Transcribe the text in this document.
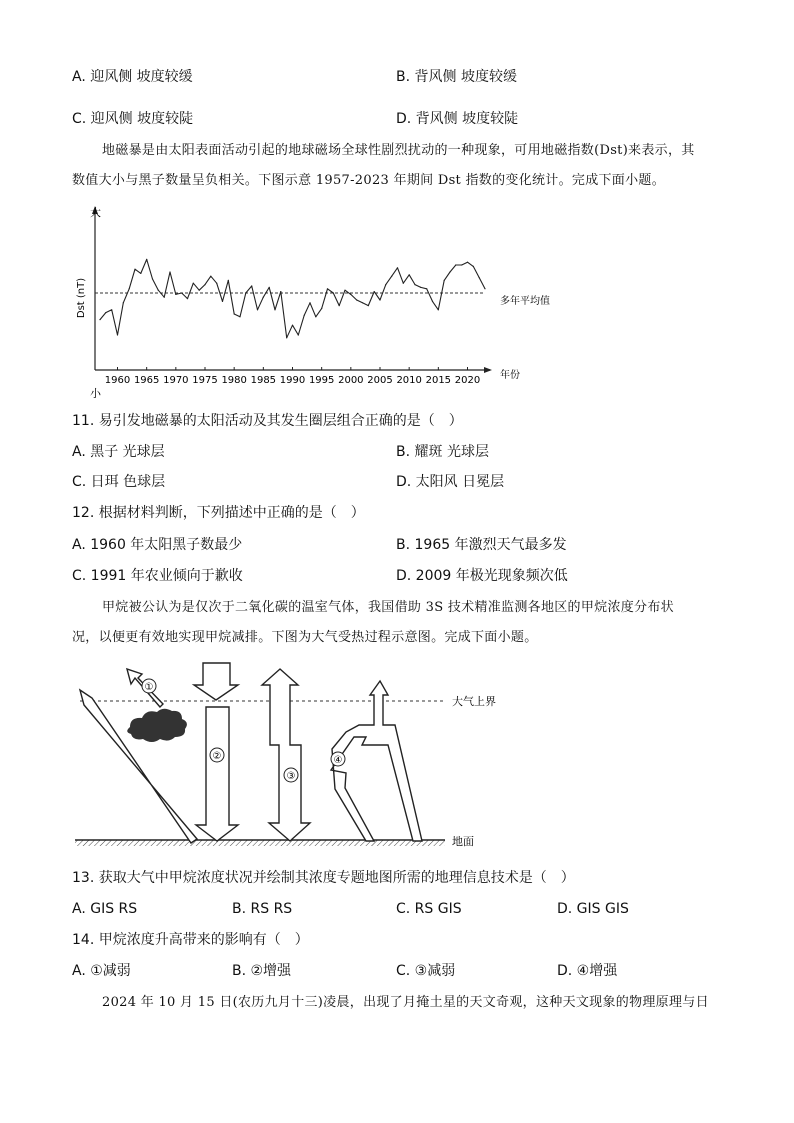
A. 迎风侧 坡度较缓	B. 背风侧 坡度较缓
C. 迎风侧 坡度较陡	D. 背风侧 坡度较陡
地磁暴是由太阳表面活动引起的地球磁场全球性剧烈扰动的一种现象，可用地磁指数(Dst)来表示，其
数值大小与黑子数量呈负相关。下图示意 1957-2023 年期间 Dst 指数的变化统计。完成下面小题。
1960 1965 1970 1975 1980 1985 1990 1995 2000 2005 2010 2015 2020
大
小
Dst (nT)	多年平均值
年份
11. 易引发地磁暴的太阳活动及其发生圈层组合正确的是（　）
A. 黑子 光球层	B. 耀斑 光球层
C. 日珥 色球层	D. 太阳风 日冕层
12. 根据材料判断，下列描述中正确的是（　）
A. 1960 年太阳黑子数最少	B. 1965 年激烈天气最多发
C. 1991 年农业倾向于歉收	D. 2009 年极光现象频次低
甲烷被公认为是仅次于二氧化碳的温室气体，我国借助 3S 技术精准监测各地区的甲烷浓度分布状
况，以便更有效地实现甲烷减排。下图为大气受热过程示意图。完成下面小题。
大气上界
地面
①
②
③
④
13. 获取大气中甲烷浓度状况并绘制其浓度专题地图所需的地理信息技术是（　）
A. GIS RS	B. RS RS	C. RS GIS	D. GIS GIS
14. 甲烷浓度升高带来的影响有（　）
A. ①减弱	B. ②增强	C. ③减弱	D. ④增强
2024 年 10 月 15 日(农历九月十三)凌晨，出现了月掩土星的天文奇观，这种天文现象的物理原理与日
